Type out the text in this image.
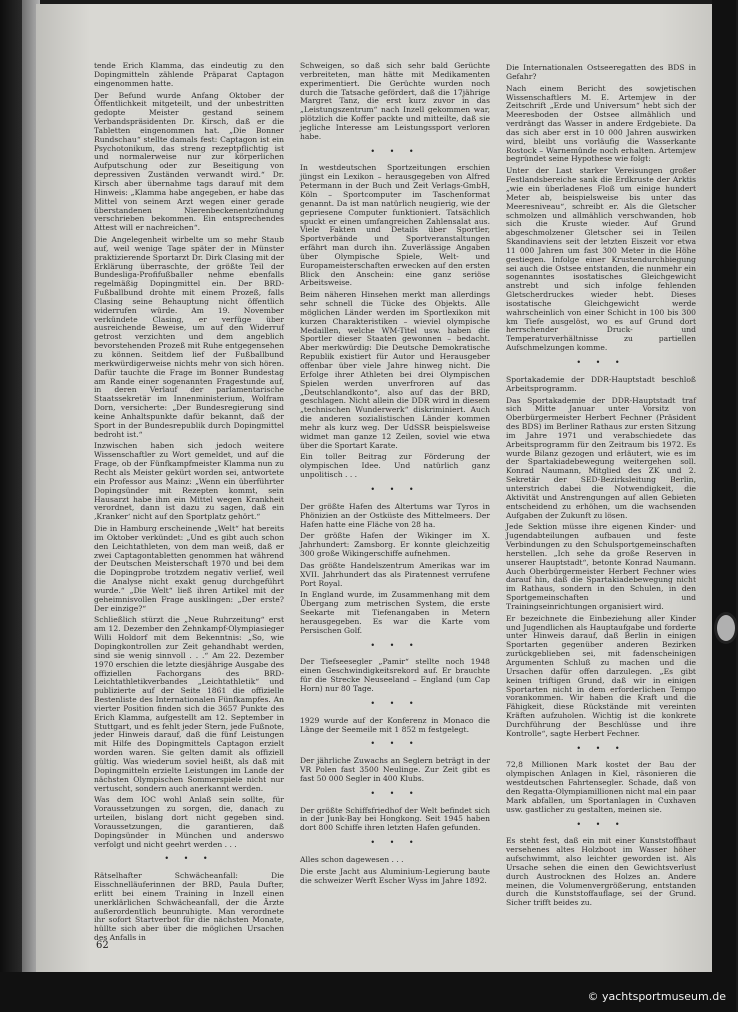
tende Erich Klamma, das eindeutig zu den Dopingmitteln zählende Präparat Captagon eingenommen hatte.

Der Befund wurde Anfang Oktober der Öffentlichkeit mitgeteilt, und der unbestritten gedopte Meister gestand seinem Verbandspräsidenten Dr. Kirsch, daß er die Tabletten eingenommen hat. „Die Bonner Rundschau“ stellte damals fest: Captagon ist ein Psychotonikum, das streng rezeptpflichtig ist und normalerweise nur zur körperlichen Aufputschung oder zur Beseitigung von depressiven Zuständen verwandt wird.“ Dr. Kirsch aber übernahme tags darauf mit dem Hinweis: „Klamma habe angegeben, er habe das Mittel von seinem Arzt wegen einer gerade überstandenen Nierenbeckenentzündung verschrieben bekommen. Ein entsprechendes Attest will er nachreichen“.

Die Angelegenheit wirbelte um so mehr Staub auf, weil wenige Tage später der in Münster praktizierende Sportarzt Dr. Dirk Clasing mit der Erklärung überraschte, der größte Teil der Bundesliga-Profifußballer nehme ebenfalls regelmäßig Dopingmittel ein. Der BRD-Fußballbund drohte mit einem Prozeß, falls Clasing seine Behauptung nicht öffentlich widerrufen würde. Am 19. November verkündete Clasing, er verfüge über ausreichende Beweise, um auf den Widerruf getrost verzichten und dem angeblich bevorstehenden Prozeß mit Ruhe entgegensehen zu können. Seitdem lief der Fußballbund merkwürdigerweise nichts mehr von sich hören. Dafür tauchte die Frage im Bonner Bundestag am Rande einer sogenannten Fragestunde auf, in deren Verlauf der parlamentarische Staatssekretär im Innenministerium, Wolfram Dorn, versicherte: „Der Bundesregierung sind keine Anhaltspunkte dafür bekannt, daß der Sport in der Bundesrepublik durch Dopingmittel bedroht ist.“

Inzwischen haben sich jedoch weitere Wissenschaftler zu Wort gemeldet, und auf die Frage, ob der Fünfkampfmeister Klamma nun zu Recht als Meister gekürt worden sei, antwortete ein Professor aus Mainz: „Wenn ein überführter Dopingsünder mit Rezepten kommt, sein Hausarzt habe ihm ein Mittel wegen Krankheit verordnet, dann ist dazu zu sagen, daß ein ‚Kranker‘ nicht auf den Sportplatz gehört.“

Die in Hamburg erscheinende „Welt“ hat bereits im Oktober verkündet: „Und es gibt auch schon den Leichtathleten, von dem man weiß, daß er zwei Captagontabletten genommen hat während der Deutschen Meisterschaft 1970 und bei dem die Dopingprobe trotzdem negativ verlief, weil die Analyse nicht exakt genug durchgeführt wurde.“ „Die Welt“ ließ ihren Artikel mit der geheimnisvollen Frage ausklingen: „Der erste? Der einzige?“

Schließlich stürzt die „Neue Ruhrzeitung“ erst am 12. Dezember den Zehnkampf-Olympiasieger Willi Holdorf mit dem Bekenntnis: „So, wie Dopingkontrollen zur Zeit gehandhabt werden, sind sie wenig sinnvoll . . .“ Am 22. Dezember 1970 erschien die letzte diesjährige Ausgabe des offiziellen Fachorgans des BRD-Leichtathletikverbandes „Leichtathletik“ und publizierte auf der Seite 1861 die offizielle Bestenliste des Internationalen Fünfkampfes. An vierter Position finden sich die 3657 Punkte des Erich Klamma, aufgestellt am 12. September in Stuttgart, und es fehlt jeder Stern, jede Fußnote, jeder Hinweis darauf, daß die fünf Leistungen mit Hilfe des Dopingmittels Captagon erzielt worden waren. Sie gelten damit als offiziell gültig. Was wiederum soviel heißt, als daß mit Dopingmitteln erzielte Leistungen im Lande der nächsten Olympischen Sommerspiele nicht nur vertuscht, sondern auch anerkannt werden.

Was dem IOC wohl Anlaß sein sollte, für Voraussetzungen zu sorgen, die, danach zu urteilen, bislang dort nicht gegeben sind. Voraussetzungen, die garantieren, daß Dopingsünder in München und anderswo verfolgt und nicht geehrt werden . . .

• • •

Rätselhafter Schwächeanfall: Die Eisschnelläuferinnen der BRD, Paula Dufter, erlitt bei einem Training in Inzell einen unerklärlichen Schwächeanfall, der die Ärzte außerordentlich beunruhigte. Man verordnete ihr sofort Startverbot für die nächsten Monate, hüllte sich aber über die möglichen Ursachen des Anfalls in

Schweigen, so daß sich sehr bald Gerüchte verbreiteten, man hätte mit Medikamenten experimentiert. Die Gerüchte wurden noch durch die Tatsache gefördert, daß die 17jährige Margret Tanz, die erst kurz zuvor in das „Leistungszentrum“ nach Inzell gekommen war, plötzlich die Koffer packte und mitteilte, daß sie jegliche Interesse am Leistungssport verloren habe.

• • •

In westdeutschen Sportzeitungen erschien jüngst ein Lexikon – herausgegeben von Alfred Petermann in der Buch und Zeit Verlags-GmbH, Köln – Sportcomputer im Taschenformat genannt. Da ist man natürlich neugierig, wie der gepriesene Computer funktioniert. Tatsächlich spuckt er einen umfangreichen Zahlensalat aus. Viele Fakten und Details über Sportler, Sportverbände und Sportveranstaltungen erfährt man durch ihn. Zuverlässige Angaben über Olympische Spiele, Welt- und Europameisterschaften erwecken auf den ersten Blick den Anschein: eine ganz seriöse Arbeitsweise.

Beim näheren Hinsehen merkt man allerdings sehr schnell die Tücke des Objekts. Alle möglichen Länder werden im Sportlexikon mit kurzen Charakteristiken – wieviel olympische Medaillen, welche WM-Titel usw. haben die Sportler dieser Staaten gewonnen – bedacht. Aber merkwürdig: Die Deutsche Demokratische Republik existiert für Autor und Herausgeber offenbar über viele Jahre hinweg nicht. Die Erfolge ihrer Athleten bei drei Olympischen Spielen werden unverfroren auf das „Deutschlandkonto“, also auf das der BRD, geschlagen. Nicht allein die DDR wird in diesem „technischen Wunderwerk“ diskriminiert. Auch die anderen sozialistischen Länder kommen mehr als kurz weg. Der UdSSR beispielsweise widmet man ganze 12 Zeilen, soviel wie etwa über die Sportart Karate.

Ein toller Beitrag zur Förderung der olympischen Idee. Und natürlich ganz unpolitisch . . .

• • •

Der größte Hafen des Altertums war Tyros in Phönizien an der Ostküste des Mittelmeers. Der Hafen hatte eine Fläche von 28 ha.

Der größte Hafen der Wikinger im X. Jahrhundert: Zamsborg. Er konnte gleichzeitig 300 große Wikingerschiffe aufnehmen.

Das größte Handelszentrum Amerikas war im XVII. Jahrhundert das als Piratennest verrufene Port Royal.

In England wurde, im Zusammenhang mit dem Übergang zum metrischen System, die erste Seekarte mit Tiefenangaben in Metern herausgegeben. Es war die Karte vom Persischen Golf.

• • •

Der Tiefseesegler „Pamir“ stellte noch 1948 einen Geschwindigkeitsrekord auf. Er brauchte für die Strecke Neuseeland – England (um Cap Horn) nur 80 Tage.

• • •

1929 wurde auf der Konferenz in Monaco die Länge der Seemeile mit 1 852 m festgelegt.

• • •

Der jährliche Zuwachs an Seglern beträgt in der VR Polen fast 3500 Neulinge. Zur Zeit gibt es fast 50 000 Segler in 400 Klubs.

• • •

Der größte Schiffsfriedhof der Welt befindet sich in der Junk-Bay bei Hongkong. Seit 1945 haben dort 800 Schiffe ihren letzten Hafen gefunden.

• • •

Alles schon dagewesen . . .

Die erste Jacht aus Aluminium-Legierung baute die schweizer Werft Escher Wyss im Jahre 1892.

Die Internationalen Ostseeregatten des BDS in Gefahr?

Nach einem Bericht des sowjetischen Wissenschaftlers M. E. Artemjew in der Zeitschrift „Erde und Universum“ hebt sich der Meeresboden der Ostsee allmählich und verdrängt das Wasser in andere Erdgebiete. Da das sich aber erst in 10 000 Jahren auswirken wird, bleibt uns vorläufig die Wasserkante Rostock – Warnemünde noch erhalten. Artemjew begründet seine Hypothese wie folgt:

Unter der Last starker Vereisungen großer Festlandsbereiche sank die Erdkruste der Arktis „wie ein überladenes Floß um einige hundert Meter ab, beispielsweise bis unter das Meeresniveau“, schreibt er. Als die Gletscher schmolzen und allmählich verschwanden, hob sich die Kruste wieder. Auf Grund abgeschmolzener Gletscher sei in Teilen Skandinaviens seit der letzten Eiszeit vor etwa 11 000 Jahren um fast 300 Meter in die Höhe gestiegen. Infolge einer Krustendurchbiegung sei auch die Ostsee entstanden, die nunmehr ein sogenanntes isostatisches Gleichgewicht anstrebt und sich infolge fehlenden Gletscherdruckes wieder hebt. Dieses isostatische Gleichgewicht werde wahrscheinlich von einer Schicht in 100 bis 300 km Tiefe ausgelöst, wo es auf Grund dort herrschender Druck- und Temperaturverhältnisse zu partiellen Aufschmelzungen komme.

• • •

Sportakademie der DDR-Hauptstadt beschloß Arbeitsprogramm.

Das Sportakademie der DDR-Hauptstadt traf sich Mitte Januar unter Vorsitz von Oberbürgermeister Herbert Fechner (Präsident des BDS) im Berliner Rathaus zur ersten Sitzung im Jahre 1971 und verabschiedete das Arbeitsprogramm für den Zeitraum bis 1972. Es wurde Bilanz gezogen und erläutert, wie es im der Spartakiadebewegung weitergehen soll. Konrad Naumann, Mitglied des ZK und 2. Sekretär der SED-Bezirksleitung Berlin, unterstrich dabei die Notwendigkeit, die Aktivität und Anstrengungen auf allen Gebieten entscheidend zu erhöhen, um die wachsenden Aufgaben der Zukunft zu lösen.

Jede Sektion müsse ihre eigenen Kinder- und Jugendabteilungen aufbauen und feste Verbindungen zu den Schulsportgemeinschaften herstellen. „Ich sehe da große Reserven in unserer Hauptstadt“, betonte Konrad Naumann. Auch Oberbürgermeister Herbert Fechner wies darauf hin, daß die Spartakiadebewegung nicht im Rathaus, sondern in den Schulen, in den Sportgemeinschaften und Trainingseinrichtungen organisiert wird.

Er bezeichnete die Einbeziehung aller Kinder und Jugendlichen als Hauptaufgabe und forderte unter Hinweis darauf, daß Berlin in einigen Sportarten gegenüber anderen Bezirken zurückgeblieben sei, mit fadenscheinigen Argumenten Schluß zu machen und die Ursachen dafür offen darzulegen. „Es gibt keinen triftigen Grund, daß wir in einigen Sportarten nicht in dem erforderlichen Tempo vorankommen. Wir haben die Kraft und die Fähigkeit, diese Rückstände mit vereinten Kräften aufzuholen. Wichtig ist die konkrete Durchführung der Beschlüsse und ihre Kontrolle“, sagte Herbert Fechner.

• • •

72,8 Millionen Mark kostet der Bau der olympischen Anlagen in Kiel, räsonieren die westdeutschen Fahrtensegler. Schade, daß von den Regatta-Olympiamillionen nicht mal ein paar Mark abfallen, um Sportanlagen in Cuxhaven usw. gastlicher zu gestalten, meinen sie.

• • •

Es steht fest, daß ein mit einer Kunststoffhaut versehenes altes Holzboot im Wasser höher aufschwimmt, also leichter geworden ist. Als Ursache sehen die einen den Gewichtsverlust durch Austrocknen des Holzes an. Andere meinen, die Volumenvergrößerung, entstanden durch die Kunststoffauflage, sei der Grund. Sicher trifft beides zu.

62
© yachtsportmuseum.de
